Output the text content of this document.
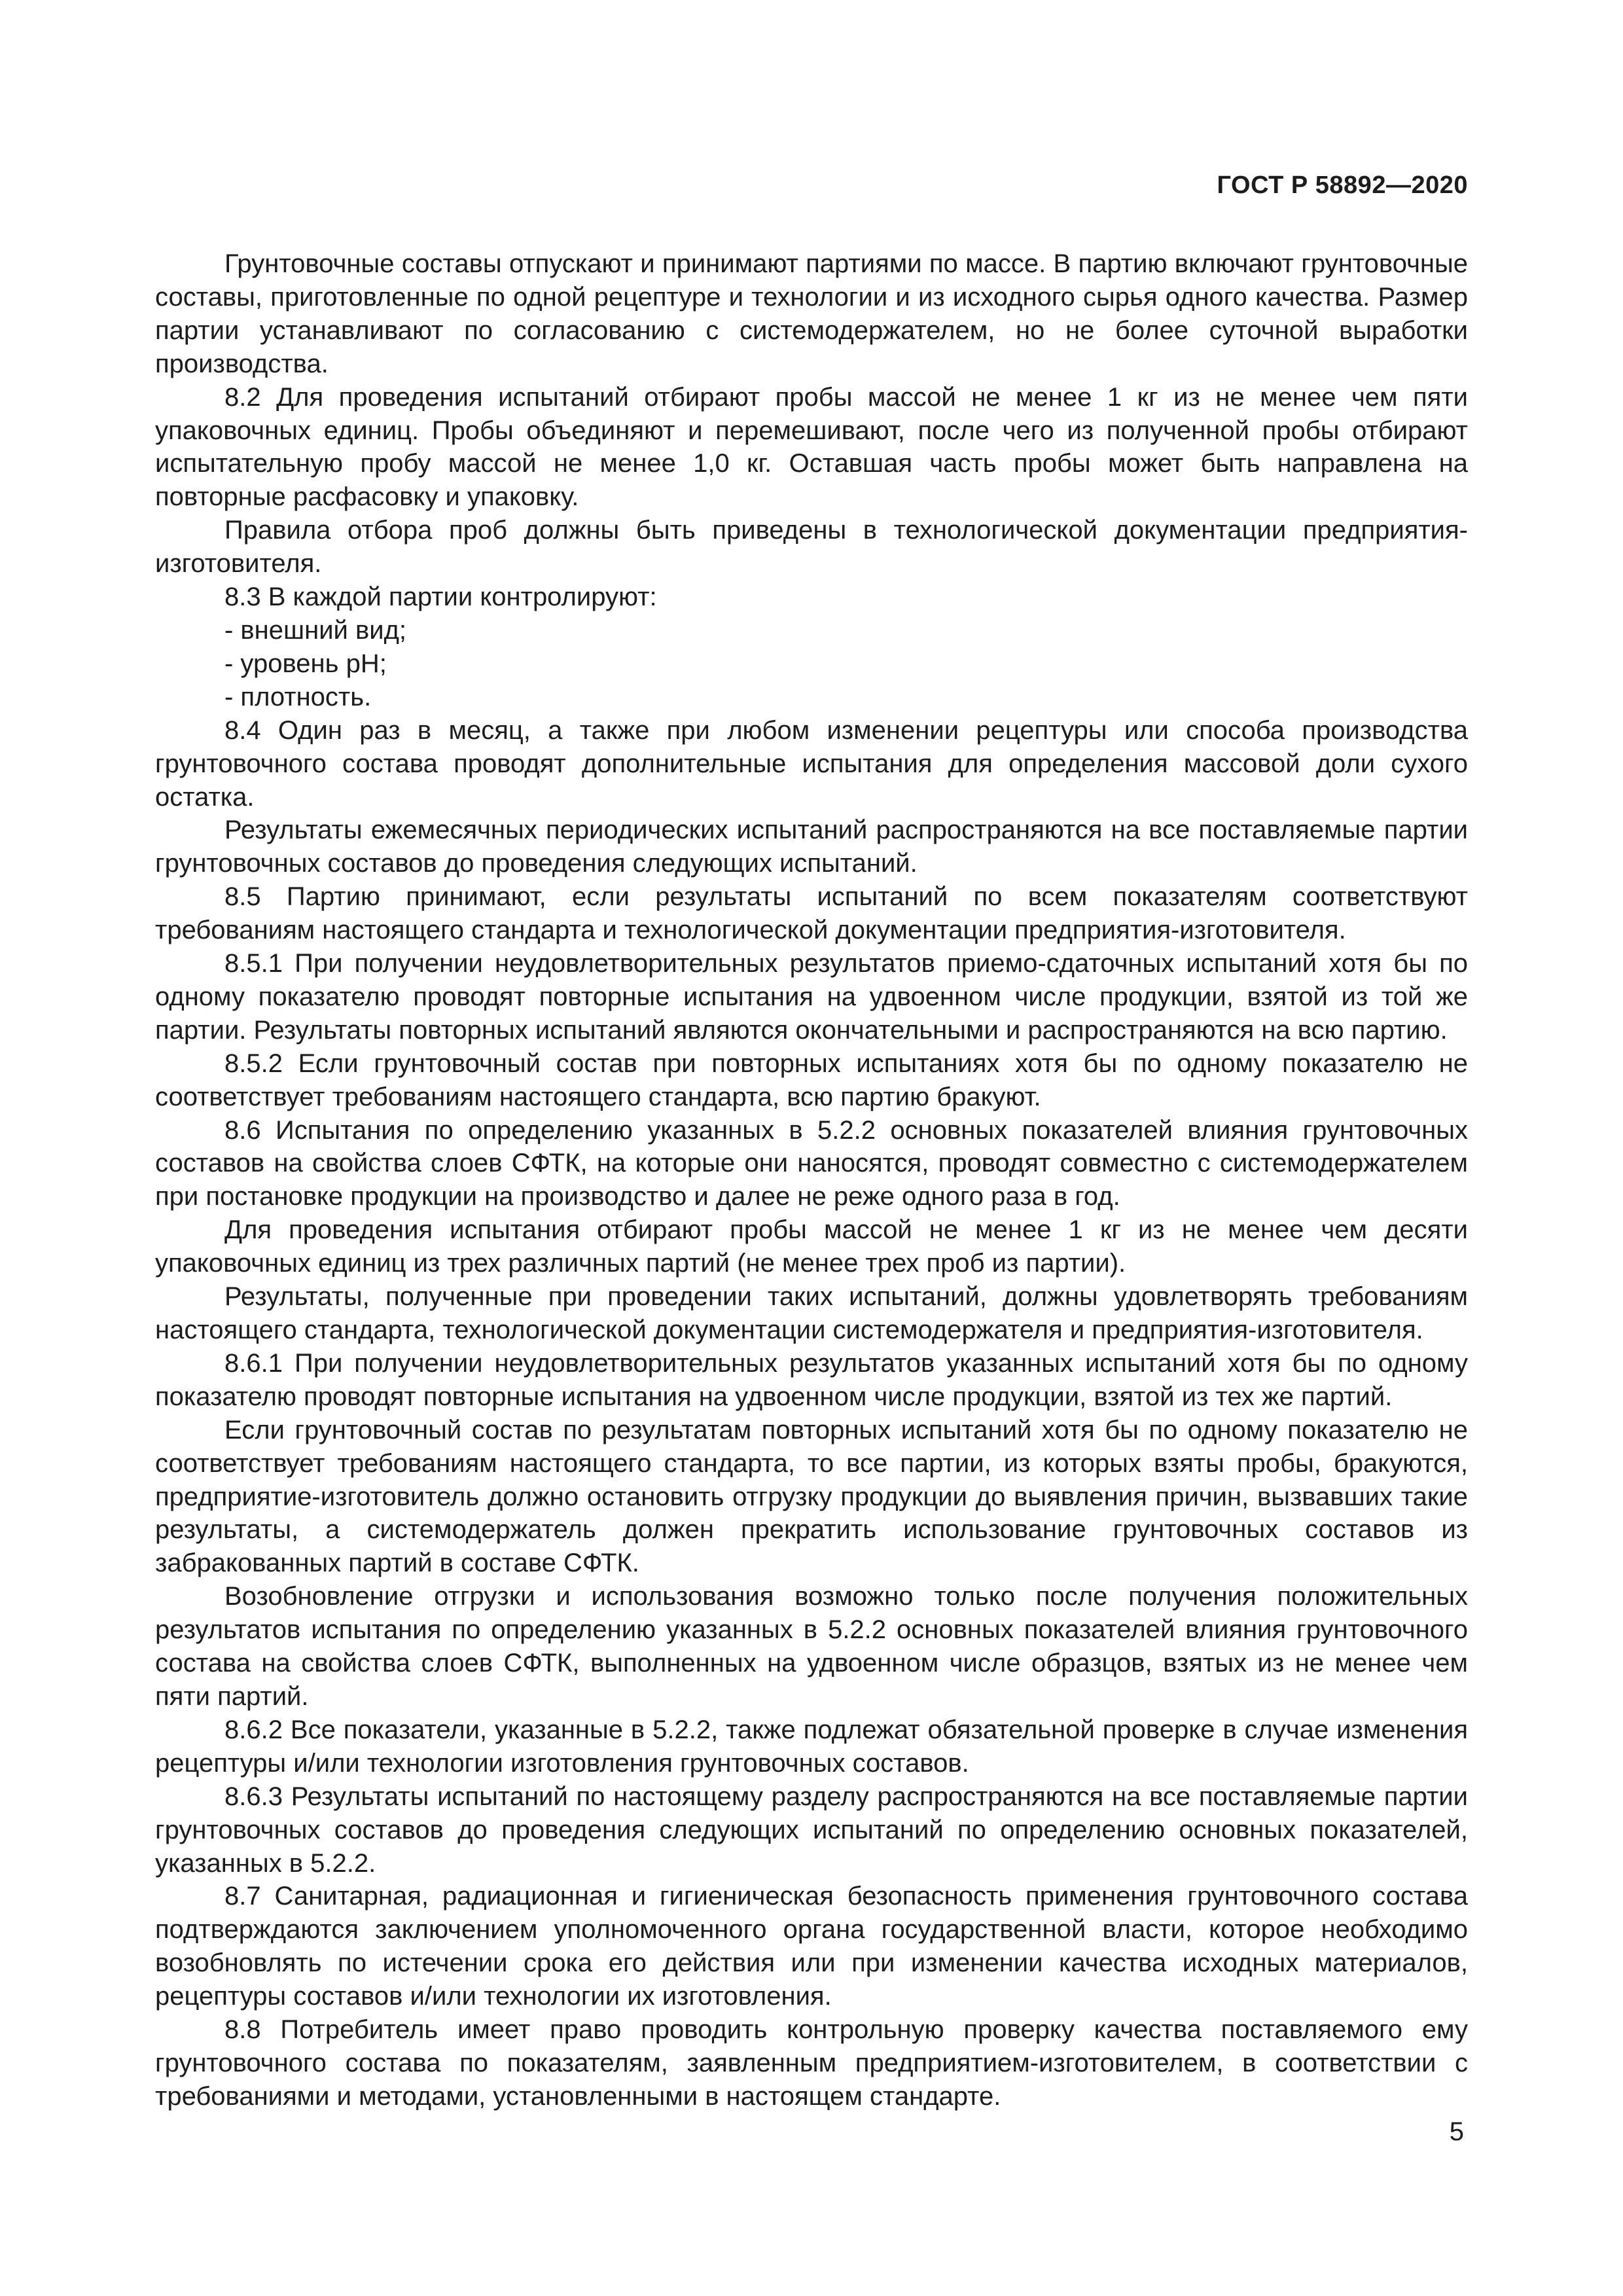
ГОСТ Р 58892—2020

Грунтовочные составы отпускают и принимают партиями по массе. В партию включают грунтовочные составы, приготовленные по одной рецептуре и технологии и из исходного сырья одного качества. Размер партии устанавливают по согласованию с системодержателем, но не более суточной выработки производства.

8.2 Для проведения испытаний отбирают пробы массой не менее 1 кг из не менее чем пяти упаковочных единиц. Пробы объединяют и перемешивают, после чего из полученной пробы отбирают испытательную пробу массой не менее 1,0 кг. Оставшая часть пробы может быть направлена на повторные расфасовку и упаковку.

Правила отбора проб должны быть приведены в технологической документации предприятия-изготовителя.

8.3 В каждой партии контролируют:

- внешний вид;

- уровень pH;

- плотность.

8.4 Один раз в месяц, а также при любом изменении рецептуры или способа производства грунтовочного состава проводят дополнительные испытания для определения массовой доли сухого остатка.

Результаты ежемесячных периодических испытаний распространяются на все поставляемые партии грунтовочных составов до проведения следующих испытаний.

8.5 Партию принимают, если результаты испытаний по всем показателям соответствуют требованиям настоящего стандарта и технологической документации предприятия-изготовителя.

8.5.1 При получении неудовлетворительных результатов приемо-сдаточных испытаний хотя бы по одному показателю проводят повторные испытания на удвоенном числе продукции, взятой из той же партии. Результаты повторных испытаний являются окончательными и распространяются на всю партию.

8.5.2 Если грунтовочный состав при повторных испытаниях хотя бы по одному показателю не соответствует требованиям настоящего стандарта, всю партию бракуют.

8.6 Испытания по определению указанных в 5.2.2 основных показателей влияния грунтовочных составов на свойства слоев СФТК, на которые они наносятся, проводят совместно с системодержателем при постановке продукции на производство и далее не реже одного раза в год.

Для проведения испытания отбирают пробы массой не менее 1 кг из не менее чем десяти упаковочных единиц из трех различных партий (не менее трех проб из партии).

Результаты, полученные при проведении таких испытаний, должны удовлетворять требованиям настоящего стандарта, технологической документации системодержателя и предприятия-изготовителя.

8.6.1 При получении неудовлетворительных результатов указанных испытаний хотя бы по одному показателю проводят повторные испытания на удвоенном числе продукции, взятой из тех же партий.

Если грунтовочный состав по результатам повторных испытаний хотя бы по одному показателю не соответствует требованиям настоящего стандарта, то все партии, из которых взяты пробы, бракуются, предприятие-изготовитель должно остановить отгрузку продукции до выявления причин, вызвавших такие результаты, а системодержатель должен прекратить использование грунтовочных составов из забракованных партий в составе СФТК.

Возобновление отгрузки и использования возможно только после получения положительных результатов испытания по определению указанных в 5.2.2 основных показателей влияния грунтовочного состава на свойства слоев СФТК, выполненных на удвоенном числе образцов, взятых из не менее чем пяти партий.

8.6.2 Все показатели, указанные в 5.2.2, также подлежат обязательной проверке в случае изменения рецептуры и/или технологии изготовления грунтовочных составов.

8.6.3 Результаты испытаний по настоящему разделу распространяются на все поставляемые партии грунтовочных составов до проведения следующих испытаний по определению основных показателей, указанных в 5.2.2.

8.7 Санитарная, радиационная и гигиеническая безопасность применения грунтовочного состава подтверждаются заключением уполномоченного органа государственной власти, которое необходимо возобновлять по истечении срока его действия или при изменении качества исходных материалов, рецептуры составов и/или технологии их изготовления.

8.8 Потребитель имеет право проводить контрольную проверку качества поставляемого ему грунтовочного состава по показателям, заявленным предприятием-изготовителем, в соответствии с требованиями и методами, установленными в настоящем стандарте.

5
